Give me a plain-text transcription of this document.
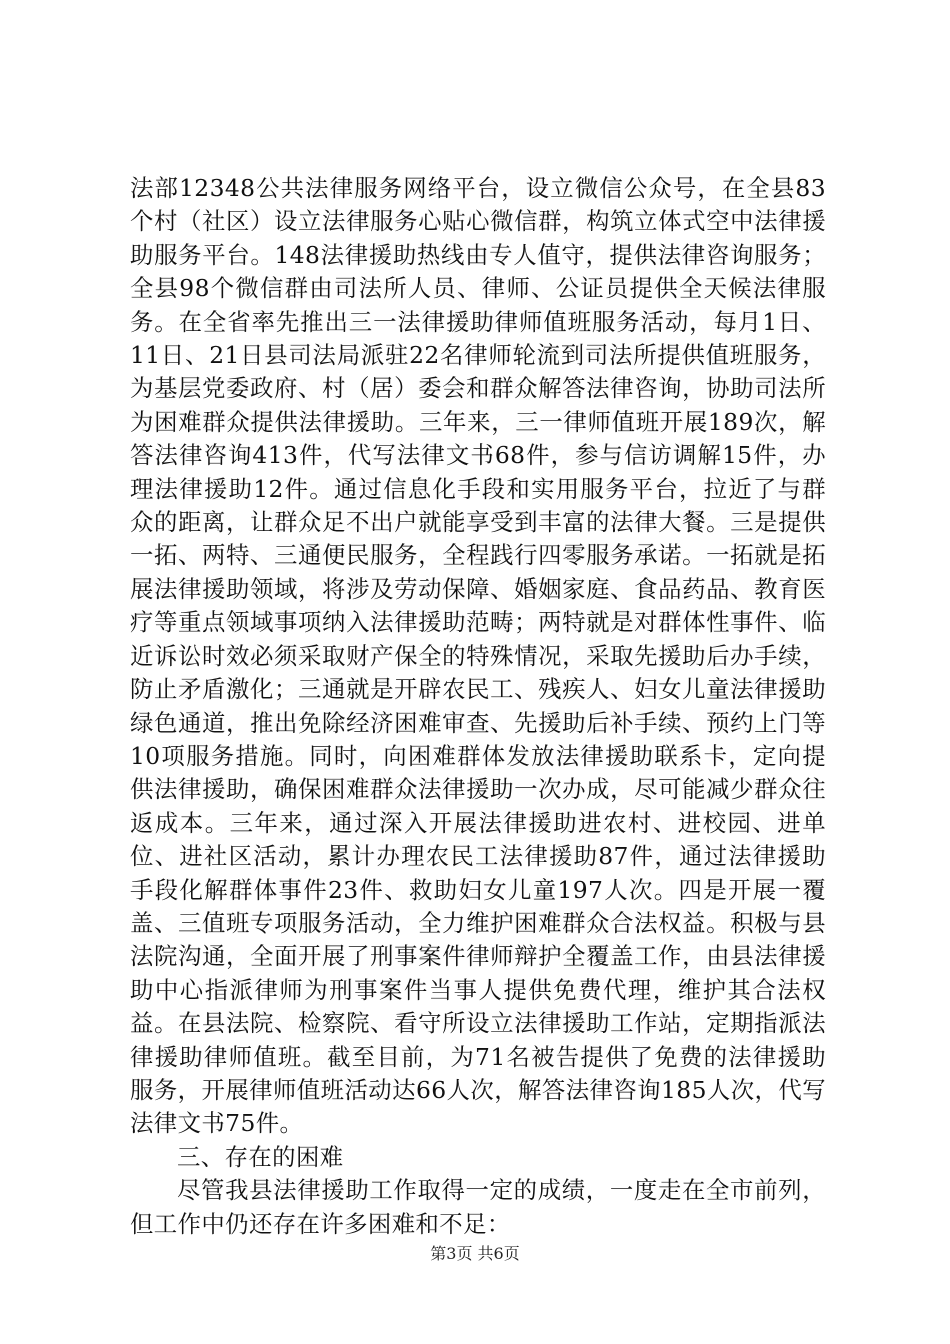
法部12348公共法律服务网络平台，设立微信公众号，在全县83个村（社区）设立法律服务心贴心微信群，构筑立体式空中法律援助服务平台。148法律援助热线由专人值守，提供法律咨询服务；全县98个微信群由司法所人员、律师、公证员提供全天候法律服务。在全省率先推出三一法律援助律师值班服务活动，每月1日、11日、21日县司法局派驻22名律师轮流到司法所提供值班服务，为基层党委政府、村（居）委会和群众解答法律咨询，协助司法所为困难群众提供法律援助。三年来，三一律师值班开展189次，解答法律咨询413件，代写法律文书68件，参与信访调解15件，办理法律援助12件。通过信息化手段和实用服务平台，拉近了与群众的距离，让群众足不出户就能享受到丰富的法律大餐。三是提供一拓、两特、三通便民服务，全程践行四零服务承诺。一拓就是拓展法律援助领域，将涉及劳动保障、婚姻家庭、食品药品、教育医疗等重点领域事项纳入法律援助范畴；两特就是对群体性事件、临近诉讼时效必须采取财产保全的特殊情况，采取先援助后办手续，防止矛盾激化；三通就是开辟农民工、残疾人、妇女儿童法律援助绿色通道，推出免除经济困难审查、先援助后补手续、预约上门等10项服务措施。同时，向困难群体发放法律援助联系卡，定向提供法律援助，确保困难群众法律援助一次办成，尽可能减少群众往返成本。三年来，通过深入开展法律援助进农村、进校园、进单位、进社区活动，累计办理农民工法律援助87件，通过法律援助手段化解群体事件23件、救助妇女儿童197人次。四是开展一覆盖、三值班专项服务活动，全力维护困难群众合法权益。积极与县法院沟通，全面开展了刑事案件律师辩护全覆盖工作，由县法律援助中心指派律师为刑事案件当事人提供免费代理，维护其合法权益。在县法院、检察院、看守所设立法律援助工作站，定期指派法律援助律师值班。截至目前，为71名被告提供了免费的法律援助服务，开展律师值班活动达66人次，解答法律咨询185人次，代写法律文书75件。

三、存在的困难

尽管我县法律援助工作取得一定的成绩，一度走在全市前列，但工作中仍还存在许多困难和不足：

第3页 共6页
